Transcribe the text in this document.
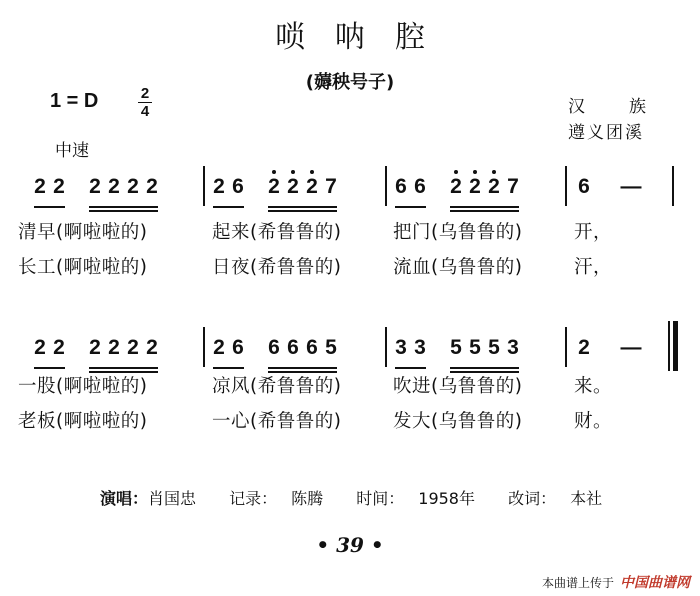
唢呐腔
(薅秧号子)
1 = D	2
4	汉族
遵义团溪
中速
2 2 2 2 2 2	2 6 2 2 2 7	6 6 2 2 2 7	6 —
清早(啊啦啦的)	起来(希鲁鲁的)	把门(乌鲁鲁的)	开，
长工(啊啦啦的)	日夜(希鲁鲁的)	流血(乌鲁鲁的)	汗，
2 2 2 2 2 2	2 6 6 6 6 5	3 3 5 5 5 3	2 —
一股(啊啦啦的)	凉风(希鲁鲁的)	吹进(乌鲁鲁的)	来。
老板(啊啦啦的)	一心(希鲁鲁的)	发大(乌鲁鲁的)	财。
演唱：肖国忠 记录： 陈腾 时间： 1958年 改词： 本社
• 39 •
本曲谱上传于 中国曲谱网
